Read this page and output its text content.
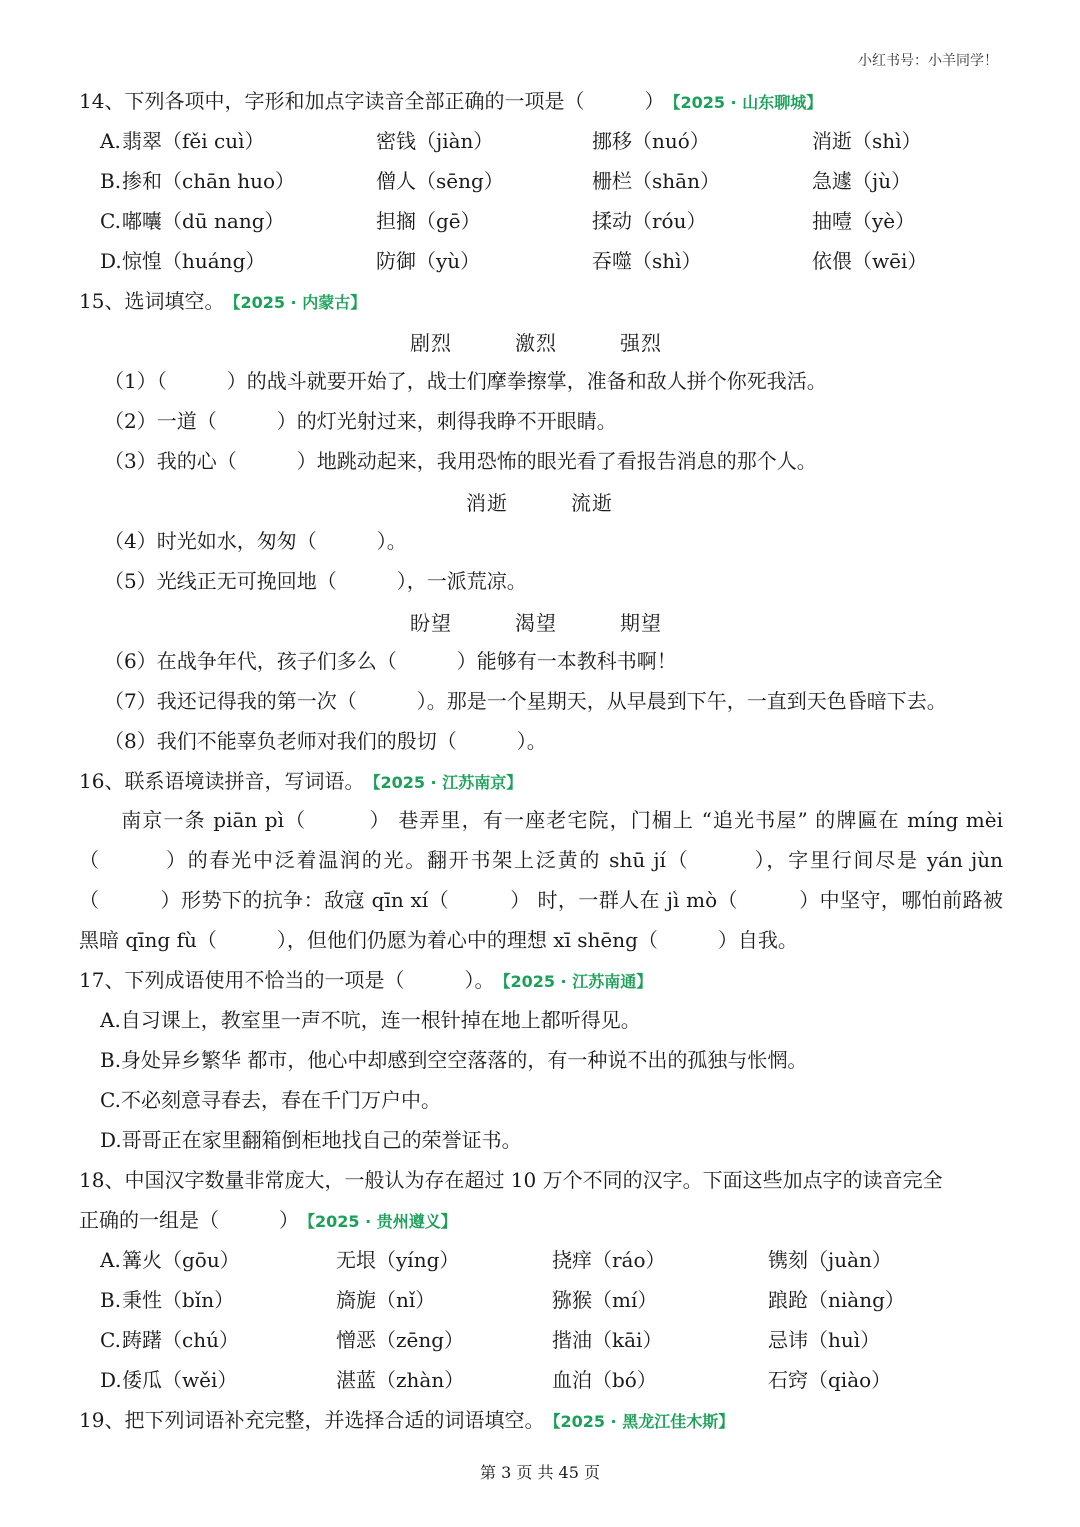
小红书号：小羊同学！
14、下列各项中，字形和加点字读音全部正确的一项是（　　　） 【2025 · 山东聊城】
A. 翡翠（fěi cuì）	密钱（jiàn）	挪移（nuó）	消逝（shì）
B. 掺和（chān huo）	僧人（sēng）	栅栏（shān）	急遽（jù）
C. 嘟囔（dū nang）	担搁（gē）	揉动（róu）	抽噎（yè）
D. 惊惶（huáng）	防御（yù）	吞噬（shì）	依偎（wēi）
15、选词填空。 【2025 · 内蒙古】
剧烈　　　激烈　　　强烈
（1）（　　　）的战斗就要开始了，战士们摩拳擦掌，准备和敌人拼个你死我活。
（2）一道（　　　）的灯光射过来，刺得我睁不开眼睛。
（3）我的心（　　　）地跳动起来，我用恐怖的眼光看了看报告消息的那个人。
消逝　　　流逝
（4）时光如水，匆匆（　　　）。
（5）光线正无可挽回地（　　　），一派荒凉。
盼望　　　渴望　　　期望
（6）在战争年代，孩子们多么（　　　）能够有一本教科书啊！
（7）我还记得我的第一次（　　　）。那是一个星期天，从早晨到下午，一直到天色昏暗下去。
（8）我们不能辜负老师对我们的殷切（　　　）。
16、联系语境读拼音，写词语。 【2025 · 江苏南京】
　　南京一条 piān pì（　　　） 巷弄里，有一座老宅院，门楣上 “追光书屋” 的牌匾在 míng mèi（　　　）的春光中泛着温润的光。翻开书架上泛黄的 shū jí（　　　），字里行间尽是 yán jùn（　　　）形势下的抗争：敌寇 qīn xí（　　　） 时，一群人在 jì mò（　　　）中坚守，哪怕前路被黑暗 qīng fù（　　　），但他们仍愿为着心中的理想 xī shēng（　　　）自我。
17、下列成语使用不恰当的一项是（　　　）。 【2025 · 江苏南通】
A.自习课上，教室里一声不吭，连一根针掉在地上都听得见。
B.身处异乡繁华 都市，他心中却感到空空落落的，有一种说不出的孤独与怅惘。
C.不必刻意寻春去，春在千门万户中。
D.哥哥正在家里翻箱倒柜地找自己的荣誉证书。
18、中国汉字数量非常庞大，一般认为存在超过 10 万个不同的汉字。下面这些加点字的读音完全
正确的一组是（　　　） 【2025 · 贵州遵义】
A. 篝火（gōu）	无垠（yíng）	挠痒（ráo）	镌刻（juàn）
B. 秉性（bǐn）	旖旎（nǐ）	猕猴（mí）	踉跄（niàng）
C. 踌躇（chú）	憎恶（zēng）	揩油（kāi）	忌讳（huì）
D. 倭瓜（wěi）	湛蓝（zhàn）	血泊（bó）	石窍（qiào）
19、把下列词语补充完整，并选择合适的词语填空。 【2025 · 黑龙江佳木斯】
第 3 页 共 45 页
